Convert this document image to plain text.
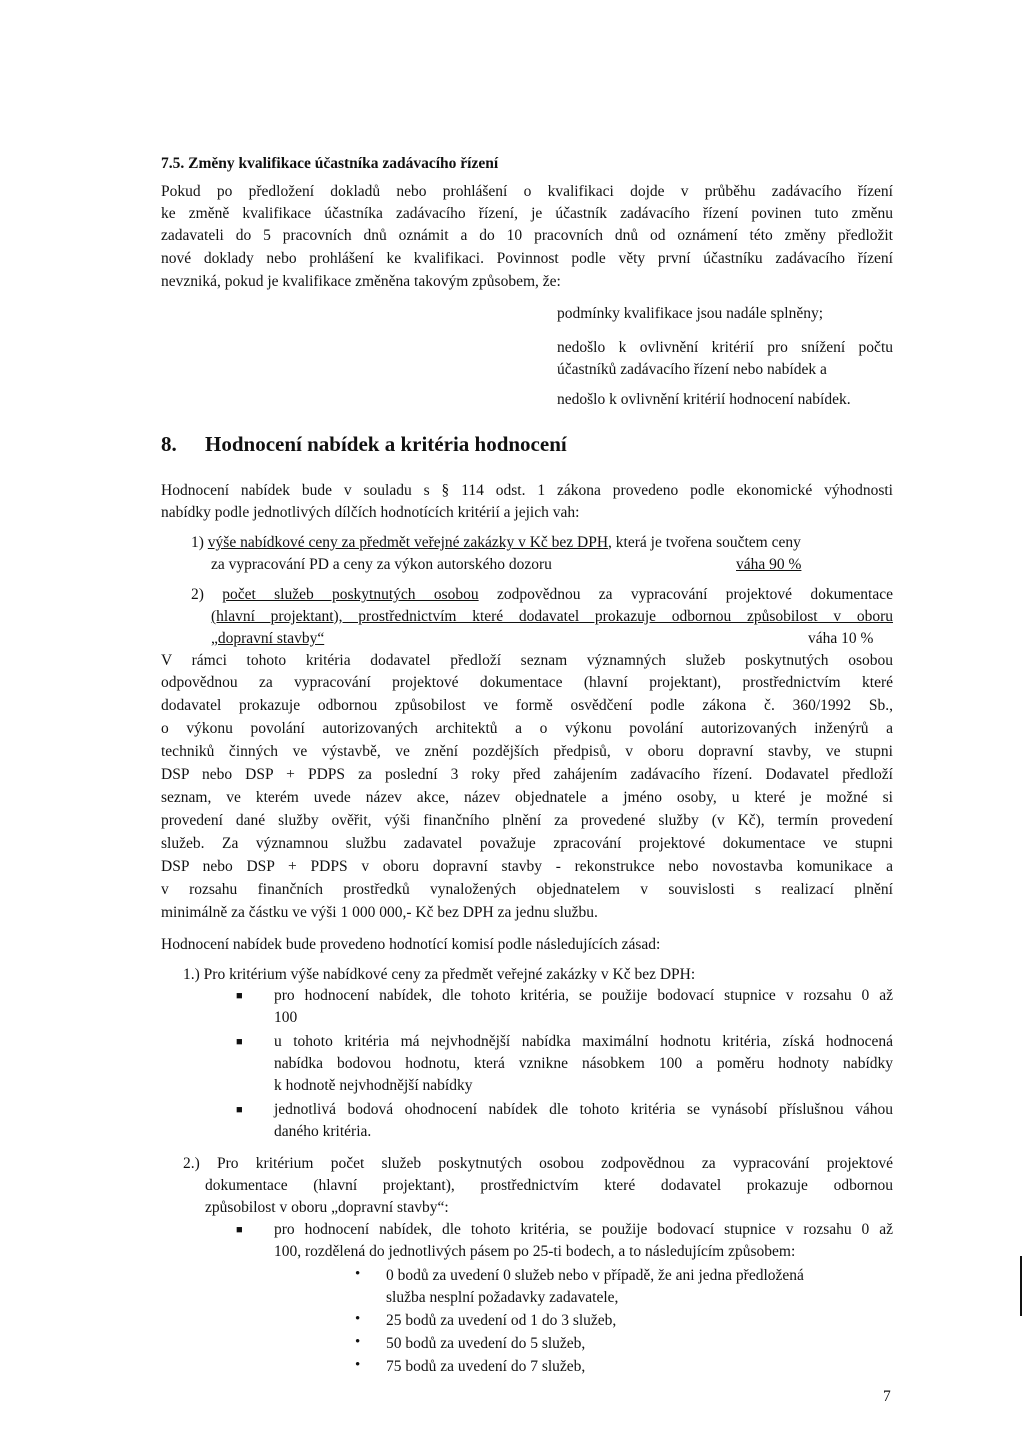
7.5. Změny kvalifikace účastníka zadávacího řízení
Pokud po předložení dokladů nebo prohlášení o kvalifikaci dojde v průběhu zadávacího řízení
ke změně kvalifikace účastníka zadávacího řízení, je účastník zadávacího řízení povinen tuto změnu
zadavateli do 5 pracovních dnů oznámit a do 10 pracovních dnů od oznámení této změny předložit
nové doklady nebo prohlášení ke kvalifikaci. Povinnost podle věty první účastníku zadávacího řízení
nevzniká, pokud je kvalifikace změněna takovým způsobem, že:
podmínky kvalifikace jsou nadále splněny;
nedošlo k ovlivnění kritérií pro snížení počtu
účastníků zadávacího řízení nebo nabídek a
nedošlo k ovlivnění kritérií hodnocení nabídek.
8. Hodnocení nabídek a kritéria hodnocení
Hodnocení nabídek bude v souladu s § 114 odst. 1 zákona provedeno podle ekonomické výhodnosti
nabídky podle jednotlivých dílčích hodnotících kritérií a jejich vah:
1) výše nabídkové ceny za předmět veřejné zakázky v Kč bez DPH, která je tvořena součtem ceny
za vypracování PD a ceny za výkon autorského dozoru	váha 90 %
2) počet služeb poskytnutých osobou zodpovědnou za vypracování projektové dokumentace
(hlavní projektant), prostřednictvím které dodavatel prokazuje odbornou způsobilost v oboru
„dopravní stavby“	váha 10 %
V rámci tohoto kritéria dodavatel předloží seznam významných služeb poskytnutých osobou
odpovědnou za vypracování projektové dokumentace (hlavní projektant), prostřednictvím které
dodavatel prokazuje odbornou způsobilost ve formě osvědčení podle zákona č. 360/1992 Sb.,
o výkonu povolání autorizovaných architektů a o výkonu povolání autorizovaných inženýrů a
techniků činných ve výstavbě, ve znění pozdějších předpisů, v oboru dopravní stavby, ve stupni
DSP nebo DSP + PDPS za poslední 3 roky před zahájením zadávacího řízení. Dodavatel předloží
seznam, ve kterém uvede název akce, název objednatele a jméno osoby, u které je možné si
provedení dané služby ověřit, výši finančního plnění za provedené služby (v Kč), termín provedení
služeb. Za významnou službu zadavatel považuje zpracování projektové dokumentace ve stupni
DSP nebo DSP + PDPS v oboru dopravní stavby - rekonstrukce nebo novostavba komunikace a
v rozsahu finančních prostředků vynaložených objednatelem v souvislosti s realizací plnění
minimálně za částku ve výši 1 000 000,- Kč bez DPH za jednu službu.
Hodnocení nabídek bude provedeno hodnotící komisí podle následujících zásad:
1.) Pro kritérium výše nabídkové ceny za předmět veřejné zakázky v Kč bez DPH:
■ pro hodnocení nabídek, dle tohoto kritéria, se použije bodovací stupnice v rozsahu 0 až
100
■ u tohoto kritéria má nejvhodnější nabídka maximální hodnotu kritéria, získá hodnocená
nabídka bodovou hodnotu, která vznikne násobkem 100 a poměru hodnoty nabídky
k hodnotě nejvhodnější nabídky
■ jednotlivá bodová ohodnocení nabídek dle tohoto kritéria se vynásobí příslušnou váhou
daného kritéria.
2.) Pro kritérium počet služeb poskytnutých osobou zodpovědnou za vypracování projektové
dokumentace (hlavní projektant), prostřednictvím které dodavatel prokazuje odbornou
způsobilost v oboru „dopravní stavby“:
■ pro hodnocení nabídek, dle tohoto kritéria, se použije bodovací stupnice v rozsahu 0 až
100, rozdělená do jednotlivých pásem po 25-ti bodech, a to následujícím způsobem:
• 0 bodů za uvedení 0 služeb nebo v případě, že ani jedna předložená
služba nesplní požadavky zadavatele,
• 25 bodů za uvedení od 1 do 3 služeb,
• 50 bodů za uvedení do 5 služeb,
• 75 bodů za uvedení do 7 služeb,
7
